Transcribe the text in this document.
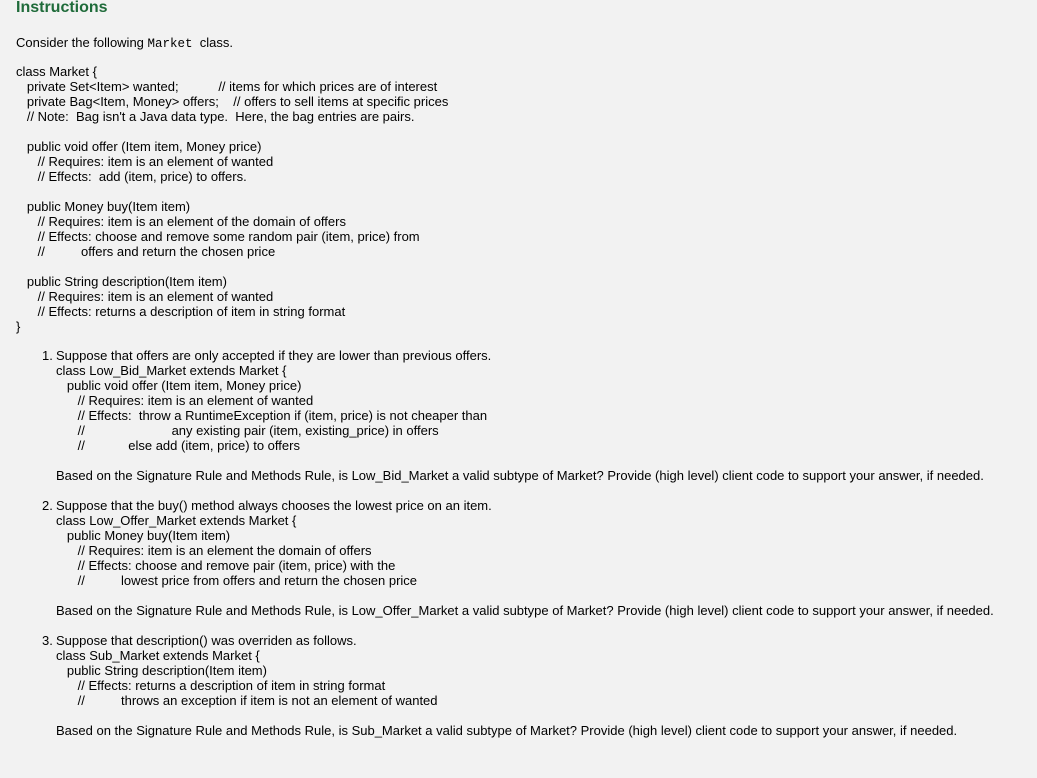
Instructions
Consider the following Market  class.
class Market {
private Set<Item> wanted;           // items for which prices are of interest
private Bag<Item, Money> offers;    // offers to sell items at specific prices
// Note:  Bag isn't a Java data type.  Here, the bag entries are pairs.
public void offer (Item item, Money price)
// Requires: item is an element of wanted
// Effects:  add (item, price) to offers.
public Money buy(Item item)
// Requires: item is an element of the domain of offers
// Effects: choose and remove some random pair (item, price) from
//          offers and return the chosen price
public String description(Item item)
// Requires: item is an element of wanted
// Effects: returns a description of item in string format
}
1. Suppose that offers are only accepted if they are lower than previous offers.
class Low_Bid_Market extends Market {
public void offer (Item item, Money price)
// Requires: item is an element of wanted
// Effects:  throw a RuntimeException if (item, price) is not cheaper than
//                        any existing pair (item, existing_price) in offers
//            else add (item, price) to offers
Based on the Signature Rule and Methods Rule, is Low_Bid_Market a valid subtype of Market? Provide (high level) client code to support your answer, if needed.
2. Suppose that the buy() method always chooses the lowest price on an item.
class Low_Offer_Market extends Market {
public Money buy(Item item)
// Requires: item is an element the domain of offers
// Effects: choose and remove pair (item, price) with the
//          lowest price from offers and return the chosen price
Based on the Signature Rule and Methods Rule, is Low_Offer_Market a valid subtype of Market? Provide (high level) client code to support your answer, if needed.
3. Suppose that description() was overriden as follows.
class Sub_Market extends Market {
public String description(Item item)
// Effects: returns a description of item in string format
//          throws an exception if item is not an element of wanted
Based on the Signature Rule and Methods Rule, is Sub_Market a valid subtype of Market? Provide (high level) client code to support your answer, if needed.
